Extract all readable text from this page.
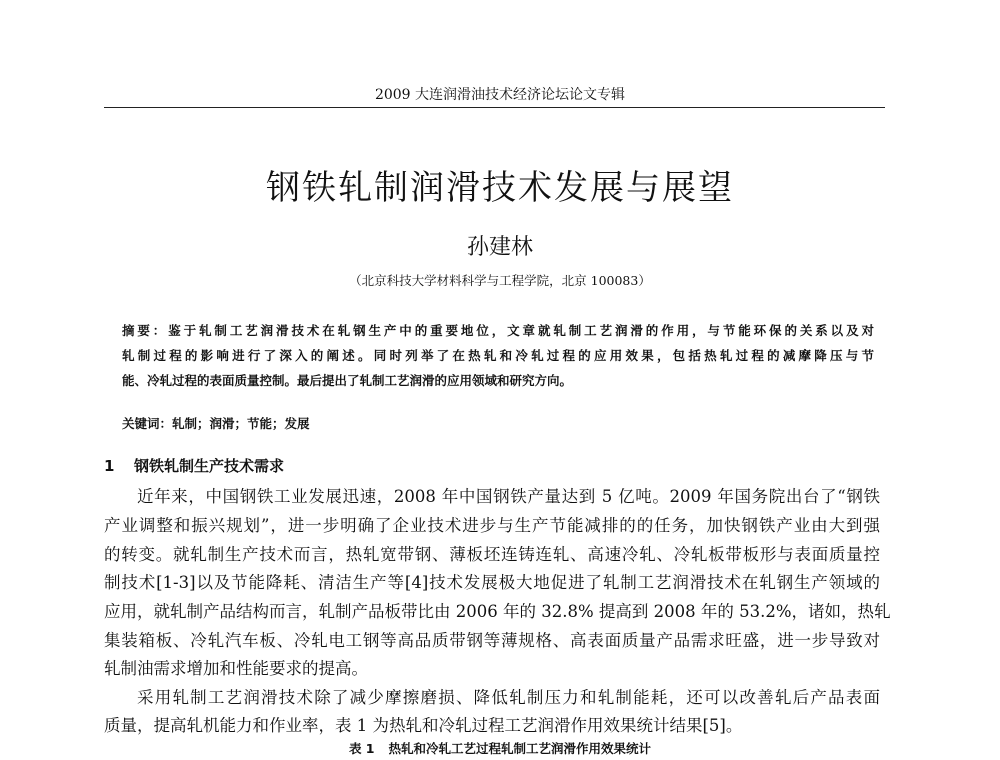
2009 大连润滑油技术经济论坛论文专辑
钢铁轧制润滑技术发展与展望
孙建林
（北京科技大学材料科学与工程学院，北京 100083）
摘要：鉴于轧制工艺润滑技术在轧钢生产中的重要地位，文章就轧制工艺润滑的作用，与节能环保的关系以及对
轧制过程的影响进行了深入的阐述。同时列举了在热轧和冷轧过程的应用效果，包括热轧过程的减摩降压与节
能、冷轧过程的表面质量控制。最后提出了轧制工艺润滑的应用领域和研究方向。
关键词：轧制；润滑；节能；发展
1 钢铁轧制生产技术需求
近年来，中国钢铁工业发展迅速，2008 年中国钢铁产量达到 5 亿吨。2009 年国务院出台了“钢铁
产业调整和振兴规划”，进一步明确了企业技术进步与生产节能减排的的任务，加快钢铁产业由大到强
的转变。就轧制生产技术而言，热轧宽带钢、薄板坯连铸连轧、高速冷轧、冷轧板带板形与表面质量控
制技术[1-3]以及节能降耗、清洁生产等[4]技术发展极大地促进了轧制工艺润滑技术在轧钢生产领域的
应用，就轧制产品结构而言，轧制产品板带比由 2006 年的 32.8% 提高到 2008 年的 53.2%，诸如，热轧
集装箱板、冷轧汽车板、冷轧电工钢等高品质带钢等薄规格、高表面质量产品需求旺盛，进一步导致对
轧制油需求增加和性能要求的提高。
采用轧制工艺润滑技术除了减少摩擦磨损、降低轧制压力和轧制能耗，还可以改善轧后产品表面
质量，提高轧机能力和作业率，表 1 为热轧和冷轧过程工艺润滑作用效果统计结果[5]。
表 1 热轧和冷轧工艺过程轧制工艺润滑作用效果统计
